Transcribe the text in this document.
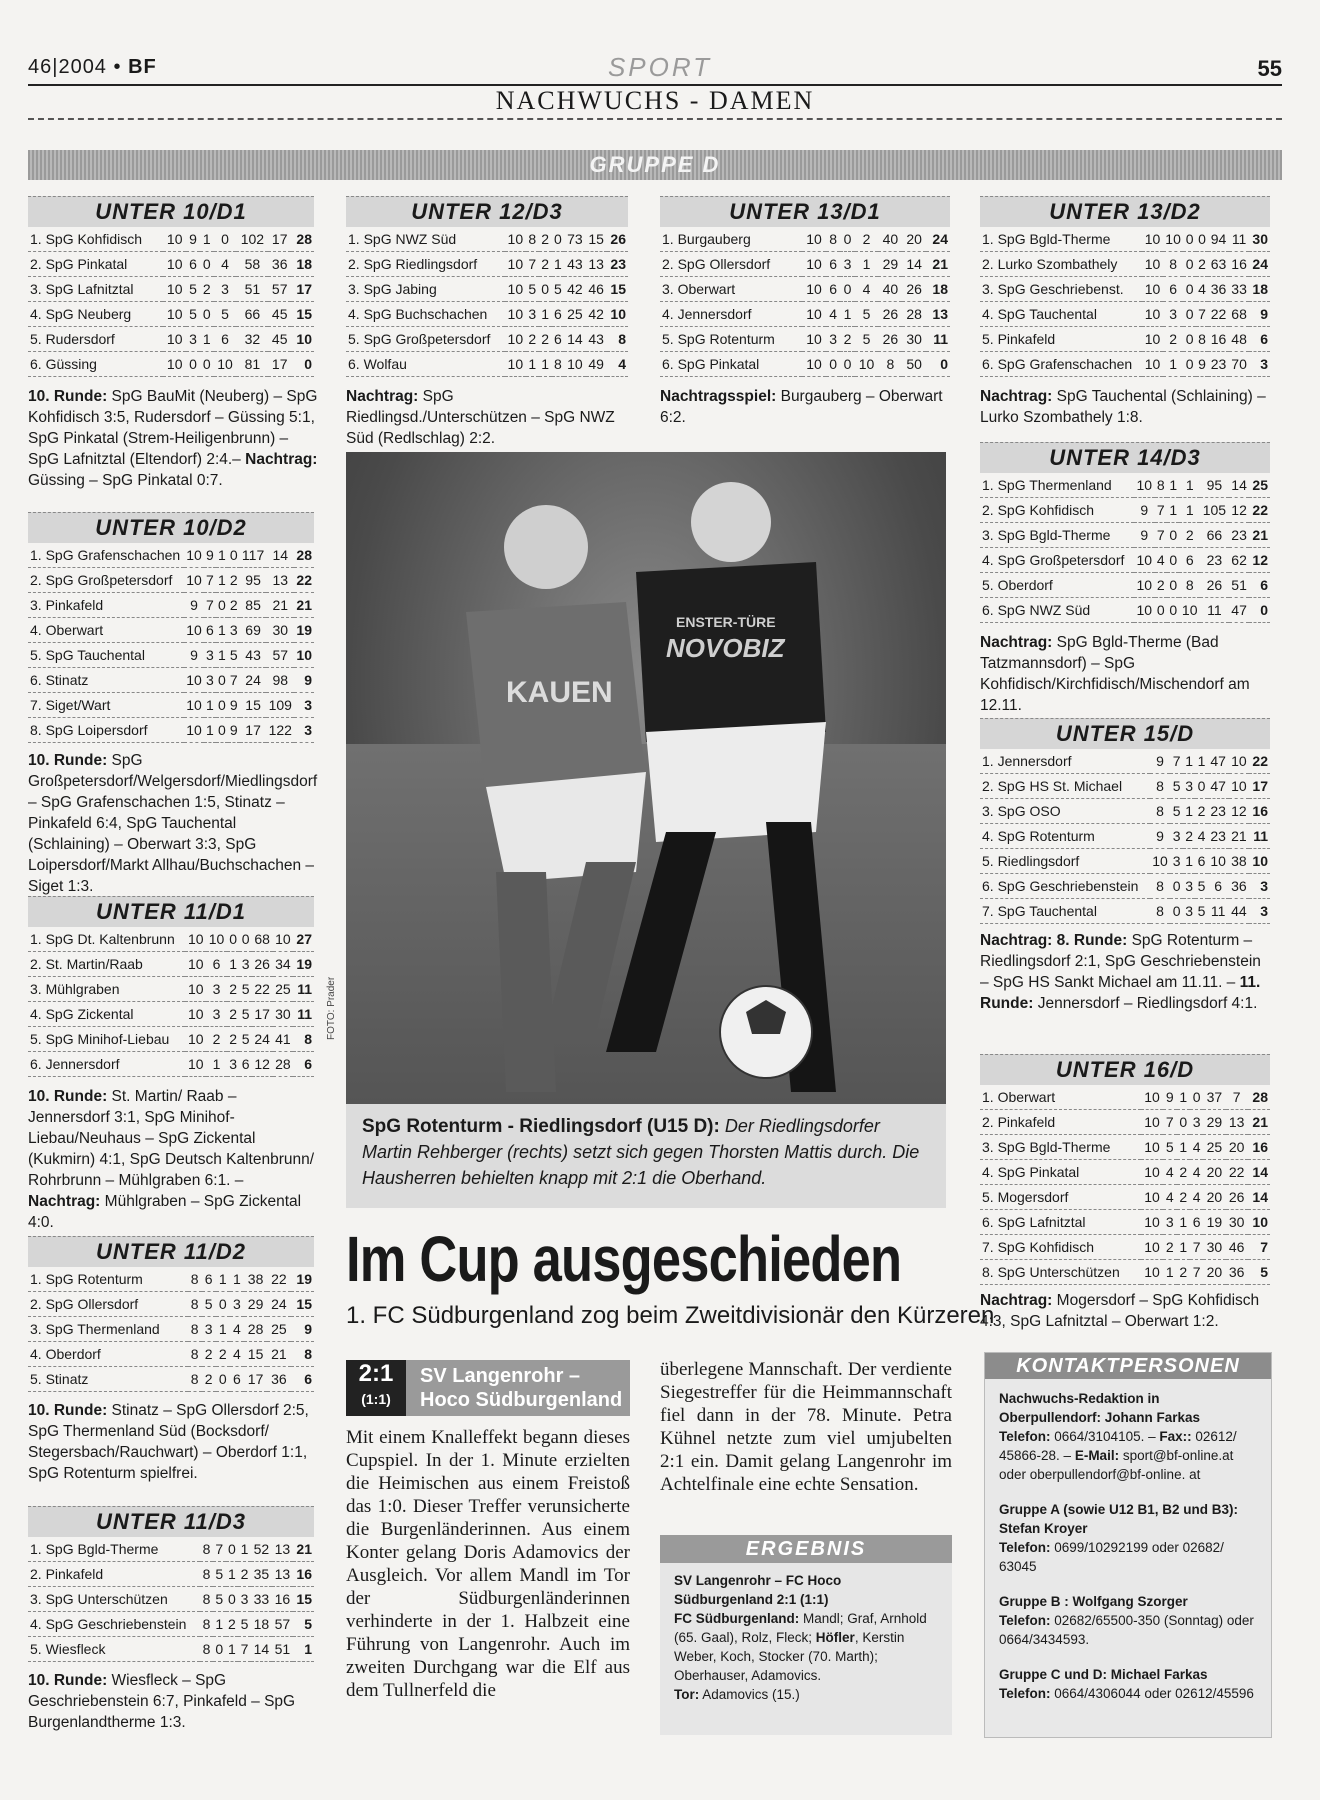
46|2004 • BF	SPORT	55
NACHWUCHS - DAMEN
GRUPPE D
UNTER 10/D1
1. SpG Kohfidisch	10	9	1	0	102	17	28
2. SpG Pinkatal	10	6	0	4	58	36	18
3. SpG Lafnitztal	10	5	2	3	51	57	17
4. SpG Neuberg	10	5	0	5	66	45	15
5. Rudersdorf	10	3	1	6	32	45	10
6. Güssing	10	0	0	10	81	17	0
10. Runde: SpG BauMit (Neuberg) – SpG Kohfidisch 3:5, Rudersdorf – Güssing 5:1, SpG Pinkatal (Strem-Heiligenbrunn) – SpG Lafnitztal (Eltendorf) 2:4.– Nachtrag: Güssing – SpG Pinkatal 0:7.
UNTER 10/D2
1. SpG Grafenschachen	10	9	1	0	117	14	28
2. SpG Großpetersdorf	10	7	1	2	95	13	22
3. Pinkafeld	9	7	0	2	85	21	21
4. Oberwart	10	6	1	3	69	30	19
5. SpG Tauchental	9	3	1	5	43	57	10
6. Stinatz	10	3	0	7	24	98	9
7. Siget/Wart	10	1	0	9	15	109	3
8. SpG Loipersdorf	10	1	0	9	17	122	3
10. Runde: SpG Großpetersdorf/Welgersdorf/Miedlingsdorf – SpG Grafenschachen 1:5, Stinatz – Pinkafeld 6:4, SpG Tauchental (Schlaining) – Oberwart 3:3, SpG Loipersdorf/Markt Allhau/Buchschachen – Siget 1:3.
UNTER 11/D1
1. SpG Dt. Kaltenbrunn	10	10	0	0	68	10	27
2. St. Martin/Raab	10	6	1	3	26	34	19
3. Mühlgraben	10	3	2	5	22	25	11
4. SpG Zickental	10	3	2	5	17	30	11
5. SpG Minihof-Liebau	10	2	2	5	24	41	8
6. Jennersdorf	10	1	3	6	12	28	6
10. Runde: St. Martin/ Raab – Jennersdorf 3:1, SpG Minihof-Liebau/Neuhaus – SpG Zickental (Kukmirn) 4:1, SpG Deutsch Kaltenbrunn/ Rohrbrunn – Mühlgraben 6:1. – Nachtrag: Mühlgraben – SpG Zickental 4:0.
UNTER 11/D2
1. SpG Rotenturm	8	6	1	1	38	22	19
2. SpG Ollersdorf	8	5	0	3	29	24	15
3. SpG Thermenland	8	3	1	4	28	25	9
4. Oberdorf	8	2	2	4	15	21	8
5. Stinatz	8	2	0	6	17	36	6
10. Runde: Stinatz – SpG Ollersdorf 2:5, SpG Thermenland Süd (Bocksdorf/ Stegersbach/Rauchwart) – Oberdorf 1:1, SpG Rotenturm spielfrei.
UNTER 11/D3
1. SpG Bgld-Therme	8	7	0	1	52	13	21
2. Pinkafeld	8	5	1	2	35	13	16
3. SpG Unterschützen	8	5	0	3	33	16	15
4. SpG Geschriebenstein	8	1	2	5	18	57	5
5. Wiesfleck	8	0	1	7	14	51	1
10. Runde: Wiesfleck – SpG Geschriebenstein 6:7, Pinkafeld – SpG Burgenlandtherme 1:3.
UNTER 12/D3
1. SpG NWZ Süd	10	8	2	0	73	15	26
2. SpG Riedlingsdorf	10	7	2	1	43	13	23
3. SpG Jabing	10	5	0	5	42	46	15
4. SpG Buchschachen	10	3	1	6	25	42	10
5. SpG Großpetersdorf	10	2	2	6	14	43	8
6. Wolfau	10	1	1	8	10	49	4
Nachtrag: SpG Riedlingsd./Unterschützen – SpG NWZ Süd (Redlschlag) 2:2.
UNTER 13/D1
1. Burgauberg	10	8	0	2	40	20	24
2. SpG Ollersdorf	10	6	3	1	29	14	21
3. Oberwart	10	6	0	4	40	26	18
4. Jennersdorf	10	4	1	5	26	28	13
5. SpG Rotenturm	10	3	2	5	26	30	11
6. SpG Pinkatal	10	0	0	10	8	50	0
Nachtragsspiel: Burgauberg – Oberwart 6:2.
UNTER 13/D2
1. SpG Bgld-Therme	10	10	0	0	94	11	30
2. Lurko Szombathely	10	8	0	2	63	16	24
3. SpG Geschriebenst.	10	6	0	4	36	33	18
4. SpG Tauchental	10	3	0	7	22	68	9
5. Pinkafeld	10	2	0	8	16	48	6
6. SpG Grafenschachen	10	1	0	9	23	70	3
Nachtrag: SpG Tauchental (Schlaining) – Lurko Szombathely 1:8.
UNTER 14/D3
1. SpG Thermenland	10	8	1	1	95	14	25
2. SpG Kohfidisch	9	7	1	1	105	12	22
3. SpG Bgld-Therme	9	7	0	2	66	23	21
4. SpG Großpetersdorf	10	4	0	6	23	62	12
5. Oberdorf	10	2	0	8	26	51	6
6. SpG NWZ Süd	10	0	0	10	11	47	0
Nachtrag: SpG Bgld-Therme (Bad Tatzmannsdorf) – SpG Kohfidisch/Kirchfidisch/Mischendorf am 12.11.
UNTER 15/D
1. Jennersdorf	9	7	1	1	47	10	22
2. SpG HS St. Michael	8	5	3	0	47	10	17
3. SpG OSO	8	5	1	2	23	12	16
4. SpG Rotenturm	9	3	2	4	23	21	11
5. Riedlingsdorf	10	3	1	6	10	38	10
6. SpG Geschriebenstein	8	0	3	5	6	36	3
7. SpG Tauchental	8	0	3	5	11	44	3
Nachtrag: 8. Runde: SpG Rotenturm – Riedlingsdorf 2:1, SpG Geschriebenstein – SpG HS Sankt Michael am 11.11. – 11. Runde: Jennersdorf – Riedlingsdorf 4:1.
UNTER 16/D
1. Oberwart	10	9	1	0	37	7	28
2. Pinkafeld	10	7	0	3	29	13	21
3. SpG Bgld-Therme	10	5	1	4	25	20	16
4. SpG Pinkatal	10	4	2	4	20	22	14
5. Mogersdorf	10	4	2	4	20	26	14
6. SpG Lafnitztal	10	3	1	6	19	30	10
7. SpG Kohfidisch	10	2	1	7	30	46	7
8. SpG Unterschützen	10	1	2	7	20	36	5
Nachtrag: Mogersdorf – SpG Kohfidisch 4:3, SpG Lafnitztal – Oberwart 1:2.
KAUEN
ENSTER-TÜRE
NOVOBIZ
FOTO: Prader
SpG Rotenturm - Riedlingsdorf (U15 D): Der Riedlingsdorfer Martin Rehberger (rechts) setzt sich gegen Thorsten Mattis durch. Die Hausherren behielten knapp mit 2:1 die Oberhand.
Im Cup ausgeschieden
1. FC Südburgenland zog beim Zweitdivisionär den Kürzeren
2:1
(1:1)
SV Langenrohr –
Hoco Südburgenland
Mit einem Knalleffekt begann dieses Cupspiel. In der 1. Minute erzielten die Heimischen aus einem Freistoß das 1:0. Dieser Treffer verunsicherte die Burgenländerinnen. Aus einem Konter gelang Doris Adamovics der Ausgleich. Vor allem Mandl im Tor der Südburgenländerinnen verhinderte in der 1. Halbzeit eine Führung von Langenrohr. Auch im zweiten Durchgang war die Elf aus dem Tullnerfeld die
überlegene Mannschaft. Der verdiente Siegestreffer für die Heimmannschaft fiel dann in der 78. Minute. Petra Kühnel netzte zum viel umjubelten 2:1 ein. Damit gelang Langenrohr im Achtelfinale eine echte Sensation.
ERGEBNIS
SV Langenrohr – FC Hoco Südburgenland 2:1 (1:1)
FC Südburgenland: Mandl; Graf, Arnhold (65. Gaal), Rolz, Fleck; Höfler, Kerstin Weber, Koch, Stocker (70. Marth); Oberhauser, Adamovics.
Tor: Adamovics (15.)
KONTAKTPERSONEN
Nachwuchs-Redaktion in Oberpullendorf: Johann Farkas
Telefon: 0664/3104105. – Fax:: 02612/ 45866-28. – E-Mail: sport@bf-online.at oder oberpullendorf@bf-online. at
Gruppe A (sowie U12 B1, B2 und B3): Stefan Kroyer
Telefon: 0699/10292199 oder 02682/ 63045
Gruppe B : Wolfgang Szorger
Telefon: 02682/65500-350 (Sonntag) oder 0664/3434593.
Gruppe C und D: Michael Farkas
Telefon: 0664/4306044 oder 02612/45596
